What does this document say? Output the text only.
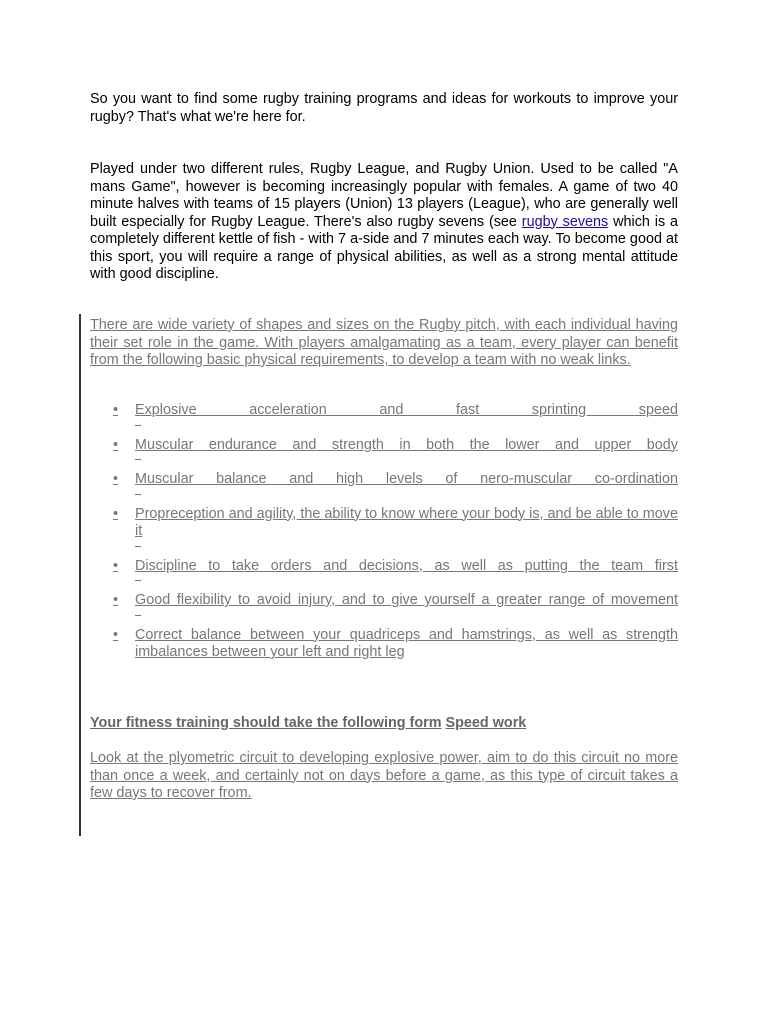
So you want to find some rugby training programs and ideas for workouts to improve your rugby? That's what we're here for.

Played under two different rules, Rugby League, and Rugby Union. Used to be called "A mans Game", however is becoming increasingly popular with females. A game of two 40 minute halves with teams of 15 players (Union) 13 players (League), who are generally well built especially for Rugby League. There's also rugby sevens (see rugby sevens which is a completely different kettle of fish - with 7 a-side and 7 minutes each way. To become good at this sport, you will require a range of physical abilities, as well as a strong mental attitude with good discipline.

There are wide variety of shapes and sizes on the Rugby pitch, with each individual having their set role in the game. With players amalgamating as a team, every player can benefit from the following basic physical requirements, to develop a team with no weak links.

• Explosive acceleration and fast sprinting speed
• Muscular endurance and strength in both the lower and upper body
• Muscular balance and high levels of nero-muscular co-ordination
• Propreception and agility, the ability to know where your body is, and be able to move it
• Discipline to take orders and decisions, as well as putting the team first
• Good flexibility to avoid injury, and to give yourself a greater range of movement
• Correct balance between your quadriceps and hamstrings, as well as strength imbalances between your left and right leg

Your fitness training should take the following form Speed work

Look at the plyometric circuit to developing explosive power, aim to do this circuit no more than once a week, and certainly not on days before a game, as this type of circuit takes a few days to recover from.
